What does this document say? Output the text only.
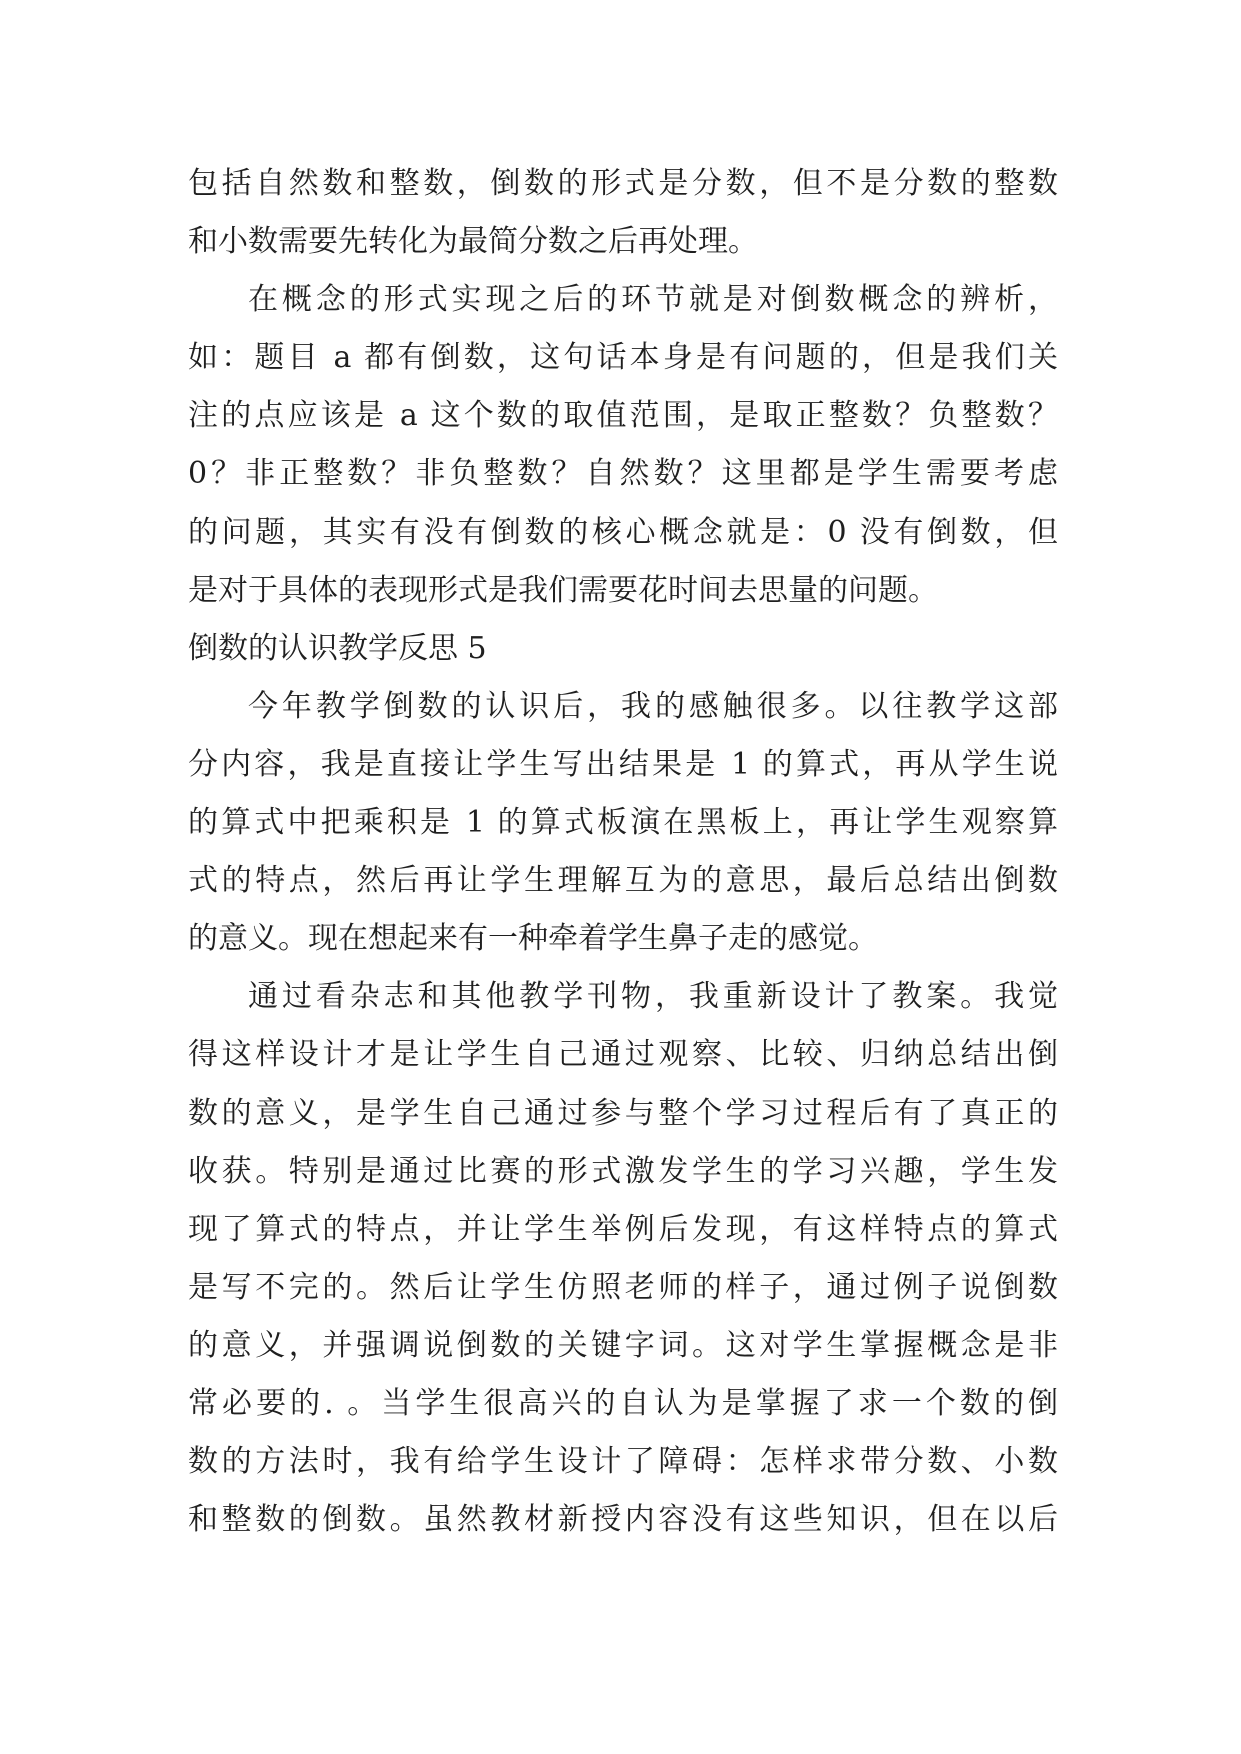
包括自然数和整数，倒数的形式是分数，但不是分数的整数
和小数需要先转化为最简分数之后再处理。
在概念的形式实现之后的环节就是对倒数概念的辨析，
如：题目 a 都有倒数，这句话本身是有问题的，但是我们关
注的点应该是 a 这个数的取值范围，是取正整数？负整数？
0？非正整数？非负整数？自然数？这里都是学生需要考虑
的问题，其实有没有倒数的核心概念就是：0 没有倒数，但
是对于具体的表现形式是我们需要花时间去思量的问题。
倒数的认识教学反思 5
今年教学倒数的认识后，我的感触很多。以往教学这部
分内容，我是直接让学生写出结果是 1 的算式，再从学生说
的算式中把乘积是 1 的算式板演在黑板上，再让学生观察算
式的特点，然后再让学生理解互为的意思，最后总结出倒数
的意义。现在想起来有一种牵着学生鼻子走的感觉。
通过看杂志和其他教学刊物，我重新设计了教案。我觉
得这样设计才是让学生自己通过观察、比较、归纳总结出倒
数的意义，是学生自己通过参与整个学习过程后有了真正的
收获。特别是通过比赛的形式激发学生的学习兴趣，学生发
现了算式的特点，并让学生举例后发现，有这样特点的算式
是写不完的。然后让学生仿照老师的样子，通过例子说倒数
的意义，并强调说倒数的关键字词。这对学生掌握概念是非
常必要的. 。当学生很高兴的自认为是掌握了求一个数的倒
数的方法时，我有给学生设计了障碍：怎样求带分数、小数
和整数的倒数。虽然教材新授内容没有这些知识，但在以后
